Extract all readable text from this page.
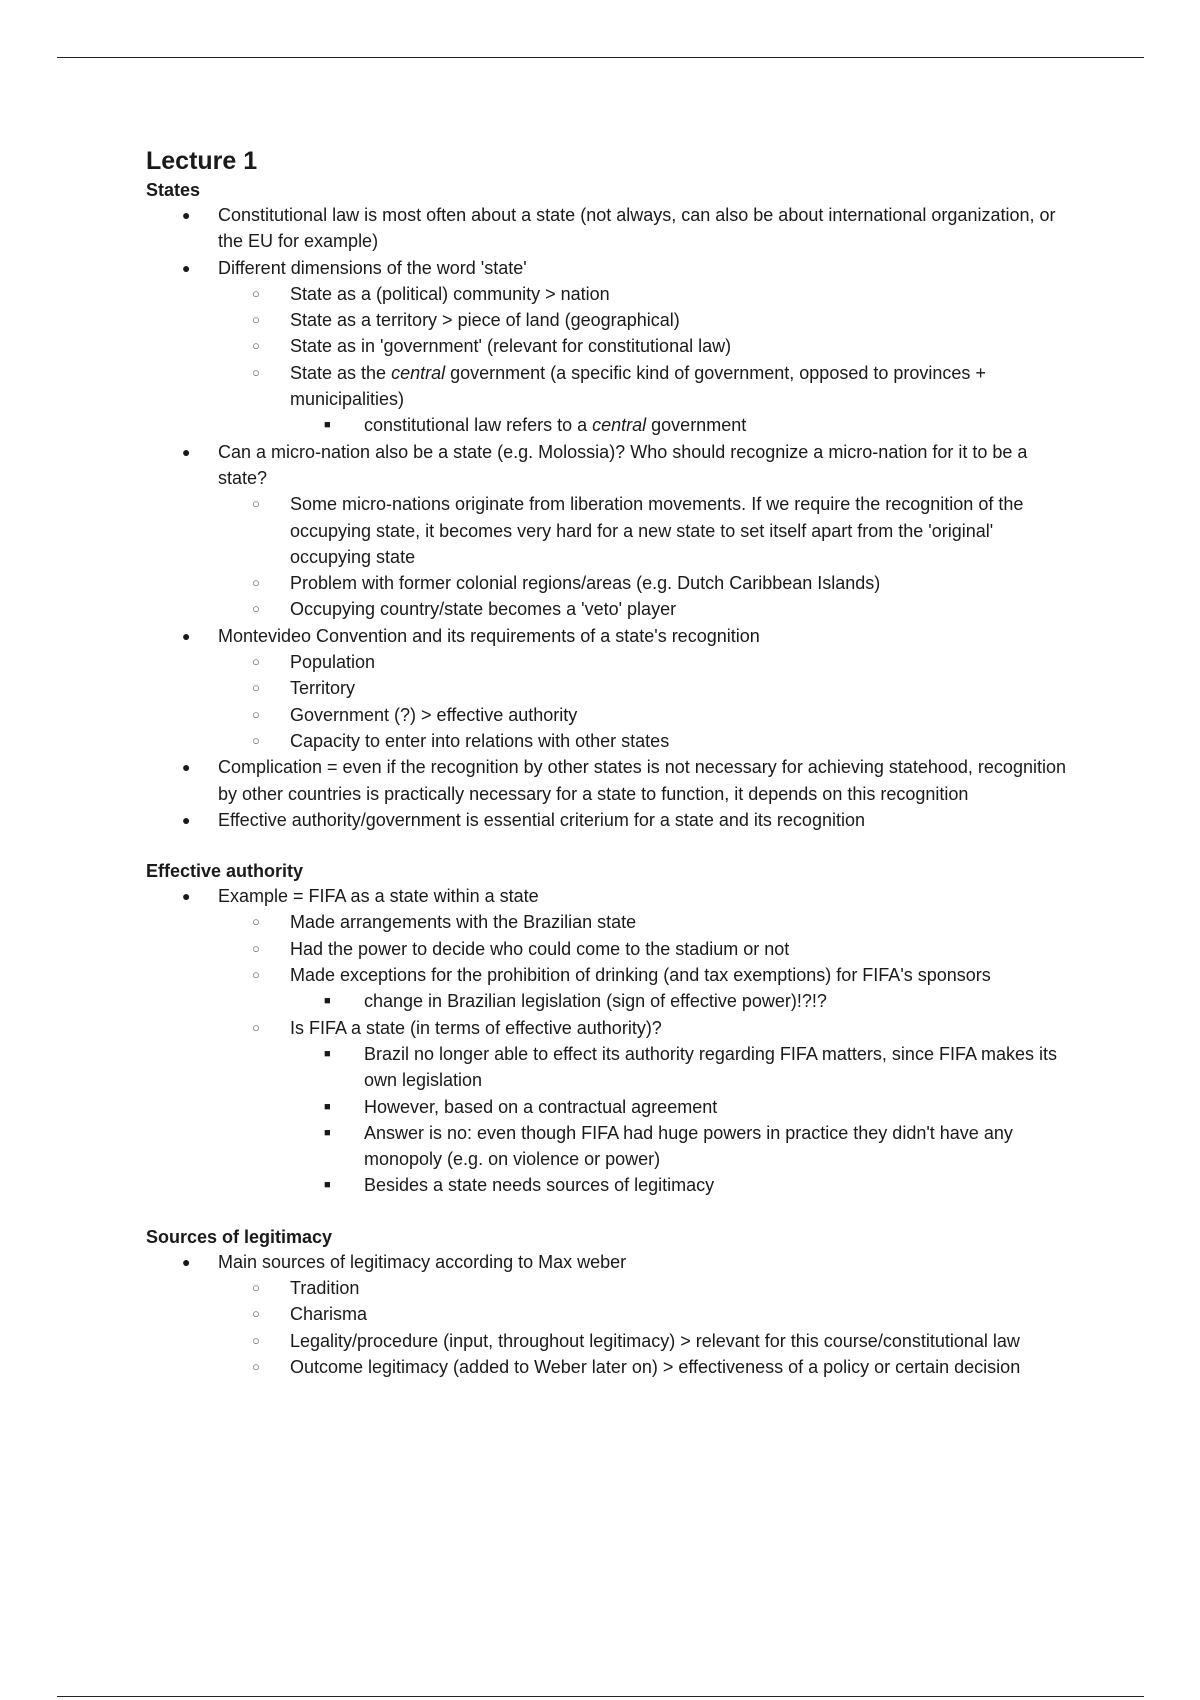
Lecture 1
States
● Constitutional law is most often about a state (not always, can also be about international organization, or the EU for example)
● Different dimensions of the word 'state'
○ State as a (political) community > nation
○ State as a territory > piece of land (geographical)
○ State as in 'government' (relevant for constitutional law)
○ State as the central government (a specific kind of government, opposed to provinces + municipalities)
■ constitutional law refers to a central government
● Can a micro-nation also be a state (e.g. Molossia)? Who should recognize a micro-nation for it to be a state?
○ Some micro-nations originate from liberation movements. If we require the recognition of the occupying state, it becomes very hard for a new state to set itself apart from the 'original' occupying state
○ Problem with former colonial regions/areas (e.g. Dutch Caribbean Islands)
○ Occupying country/state becomes a 'veto' player
● Montevideo Convention and its requirements of a state's recognition
○ Population
○ Territory
○ Government (?) > effective authority
○ Capacity to enter into relations with other states
● Complication = even if the recognition by other states is not necessary for achieving statehood, recognition by other countries is practically necessary for a state to function, it depends on this recognition
● Effective authority/government is essential criterium for a state and its recognition
Effective authority
● Example = FIFA as a state within a state
○ Made arrangements with the Brazilian state
○ Had the power to decide who could come to the stadium or not
○ Made exceptions for the prohibition of drinking (and tax exemptions) for FIFA's sponsors
■ change in Brazilian legislation (sign of effective power)!?!?
○ Is FIFA a state (in terms of effective authority)?
■ Brazil no longer able to effect its authority regarding FIFA matters, since FIFA makes its own legislation
■ However, based on a contractual agreement
■ Answer is no: even though FIFA had huge powers in practice they didn't have any monopoly (e.g. on violence or power)
■ Besides a state needs sources of legitimacy
Sources of legitimacy
● Main sources of legitimacy according to Max weber
○ Tradition
○ Charisma
○ Legality/procedure (input, throughout legitimacy) > relevant for this course/constitutional law
○ Outcome legitimacy (added to Weber later on) > effectiveness of a policy or certain decision
